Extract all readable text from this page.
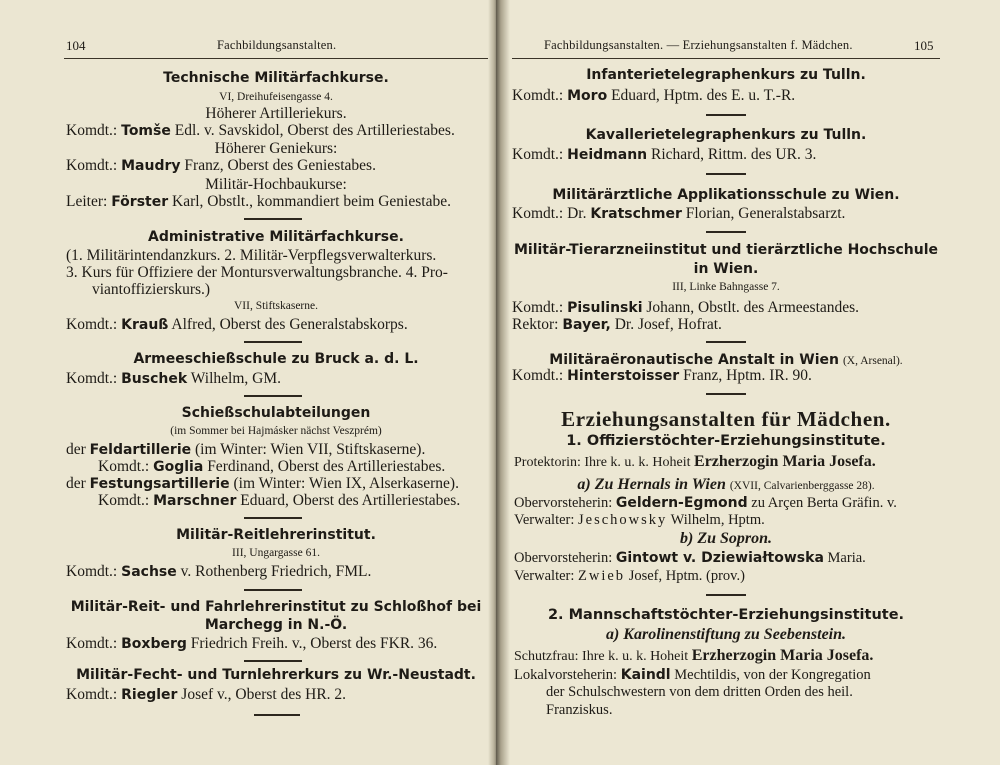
104	Fachbildungsanstalten.
Technische Militärfachkurse.
VI, Dreihufeisengasse 4.
Höherer Artilleriekurs.
Komdt.: Tomše Edl. v. Savskidol, Oberst des Artilleriestabes.
Höherer Geniekurs:
Komdt.: Maudry Franz, Oberst des Geniestabes.
Militär-Hochbaukurse:
Leiter: Förster Karl, Obstlt., kommandiert beim Geniestabe.
Administrative Militärfachkurse.
(1. Militärintendanzkurs. 2. Militär-Verpflegsverwalterkurs.
3. Kurs für Offiziere der Montursverwaltungsbranche. 4. Pro-
viantoffizierskurs.)
VII, Stiftskaserne.
Komdt.: Krauß Alfred, Oberst des Generalstabskorps.
Armeeschießschule zu Bruck a. d. L.
Komdt.: Buschek Wilhelm, GM.
Schießschulabteilungen
(im Sommer bei Hajmásker nächst Veszprém)
der Feldartillerie (im Winter: Wien VII, Stiftskaserne).
Komdt.: Goglia Ferdinand, Oberst des Artilleriestabes.
der Festungsartillerie (im Winter: Wien IX, Alserkaserne).
Komdt.: Marschner Eduard, Oberst des Artilleriestabes.
Militär-Reitlehrerinstitut.
III, Ungargasse 61.
Komdt.: Sachse v. Rothenberg Friedrich, FML.
Militär-Reit- und Fahrlehrerinstitut zu Schloßhof bei
Marchegg in N.-Ö.
Komdt.: Boxberg Friedrich Freih. v., Oberst des FKR. 36.
Militär-Fecht- und Turnlehrerkurs zu Wr.-Neustadt.
Komdt.: Riegler Josef v., Oberst des HR. 2.
Fachbildungsanstalten. — Erziehungsanstalten f. Mädchen.	105
Infanterietelegraphenkurs zu Tulln.
Komdt.: Moro Eduard, Hptm. des E. u. T.-R.
Kavallerietelegraphenkurs zu Tulln.
Komdt.: Heidmann Richard, Rittm. des UR. 3.
Militärärztliche Applikationsschule zu Wien.
Komdt.: Dr. Kratschmer Florian, Generalstabsarzt.
Militär-Tierarzneiinstitut und tierärztliche Hochschule
in Wien.
III, Linke Bahngasse 7.
Komdt.: Pisulinski Johann, Obstlt. des Armeestandes.
Rektor: Bayer, Dr. Josef, Hofrat.
Militäraëronautische Anstalt in Wien (X, Arsenal).
Komdt.: Hinterstoisser Franz, Hptm. IR. 90.
Erziehungsanstalten für Mädchen.
1. Offizierstöchter-Erziehungsinstitute.
Protektorin: Ihre k. u. k. Hoheit Erzherzogin Maria Josefa.
a) Zu Hernals in Wien (XVII, Calvarienberggasse 28).
Obervorsteherin: Geldern-Egmond zu Arçen Berta Gräfin. v.
Verwalter: Jeschowsky Wilhelm, Hptm.
b) Zu Sopron.
Obervorsteherin: Gintowt v. Dziewiałtowska Maria.
Verwalter: Zwieb Josef, Hptm. (prov.)
2. Mannschaftstöchter-Erziehungsinstitute.
a) Karolinenstiftung zu Seebenstein.
Schutzfrau: Ihre k. u. k. Hoheit Erzherzogin Maria Josefa.
Lokalvorsteherin: Kaindl Mechtildis, von der Kongregation
der Schulschwestern von dem dritten Orden des heil.
Franziskus.
